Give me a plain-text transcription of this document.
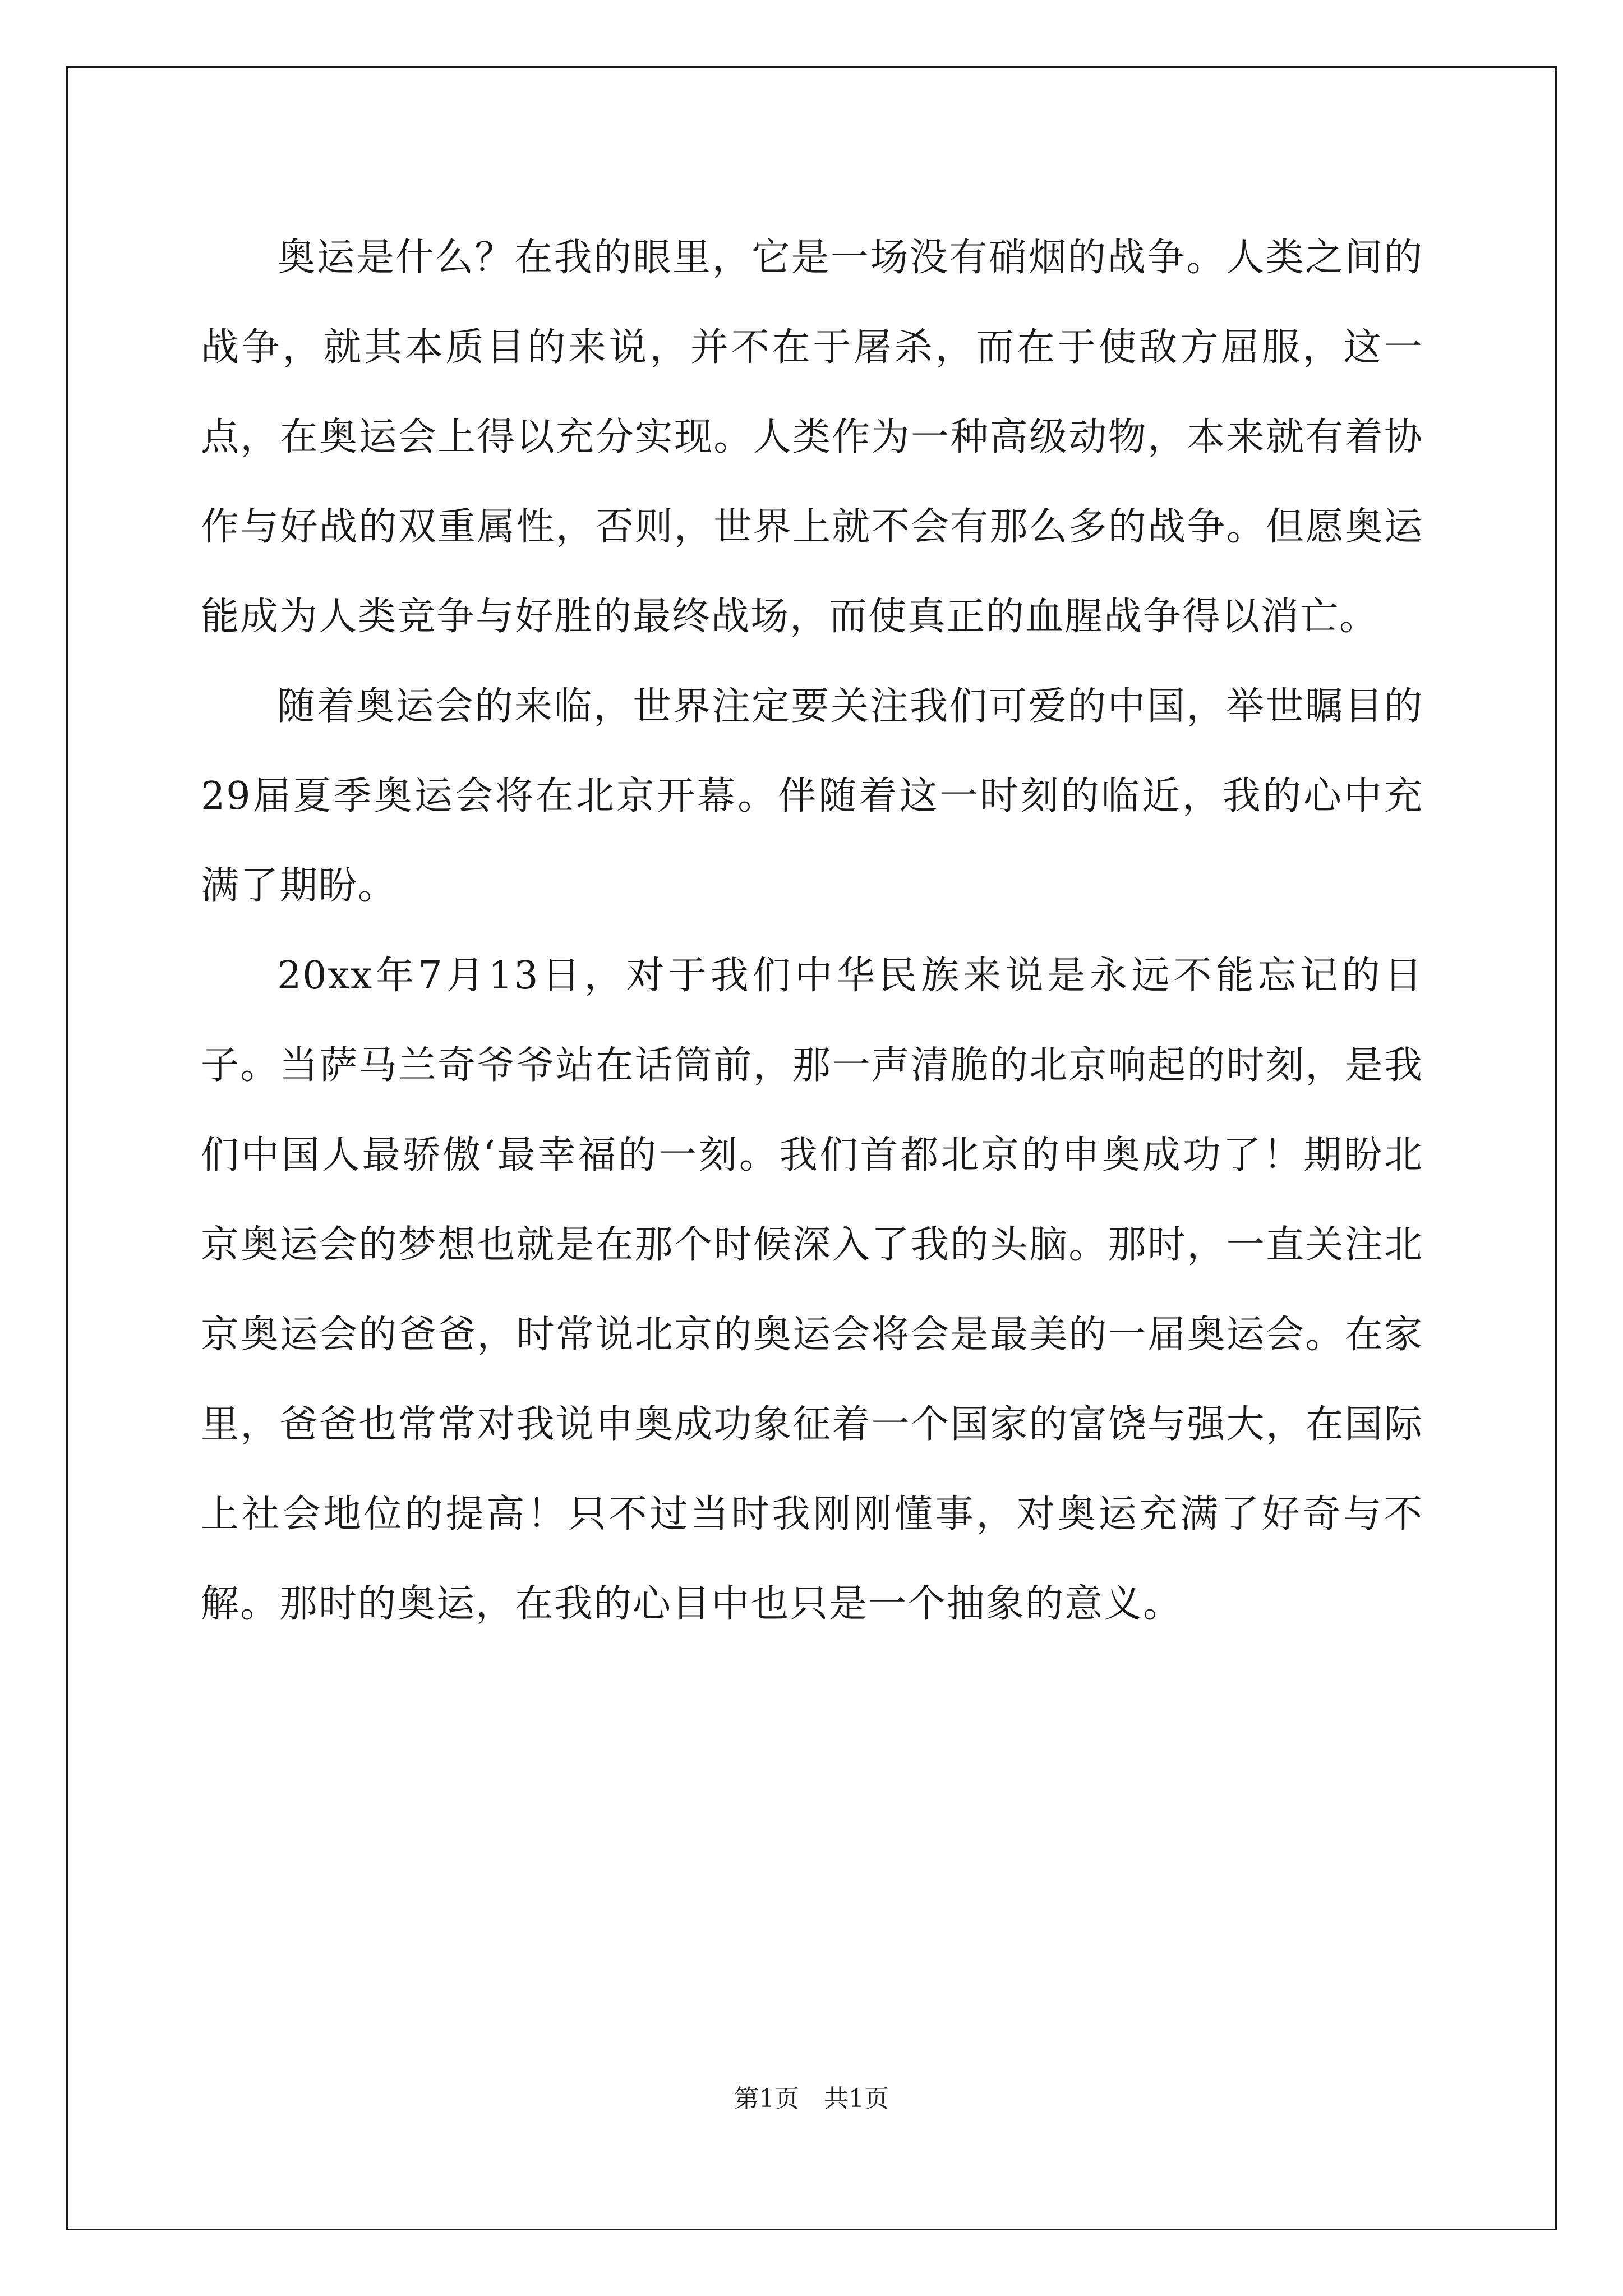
奥运是什么？在我的眼里，它是一场没有硝烟的战争。人类之间的战争，就其本质目的来说，并不在于屠杀，而在于使敌方屈服，这一点，在奥运会上得以充分实现。人类作为一种高级动物，本来就有着协作与好战的双重属性，否则，世界上就不会有那么多的战争。但愿奥运能成为人类竞争与好胜的最终战场，而使真正的血腥战争得以消亡。

随着奥运会的来临，世界注定要关注我们可爱的中国，举世瞩目的29届夏季奥运会将在北京开幕。伴随着这一时刻的临近，我的心中充满了期盼。

20xx年7月13日，对于我们中华民族来说是永远不能忘记的日子。当萨马兰奇爷爷站在话筒前，那一声清脆的北京响起的时刻，是我们中国人最骄傲‘最幸福的一刻。我们首都北京的申奥成功了！期盼北京奥运会的梦想也就是在那个时候深入了我的头脑。那时，一直关注北京奥运会的爸爸，时常说北京的奥运会将会是最美的一届奥运会。在家里，爸爸也常常对我说申奥成功象征着一个国家的富饶与强大，在国际上社会地位的提高！只不过当时我刚刚懂事，对奥运充满了好奇与不解。那时的奥运，在我的心目中也只是一个抽象的意义。

第1页　共1页
